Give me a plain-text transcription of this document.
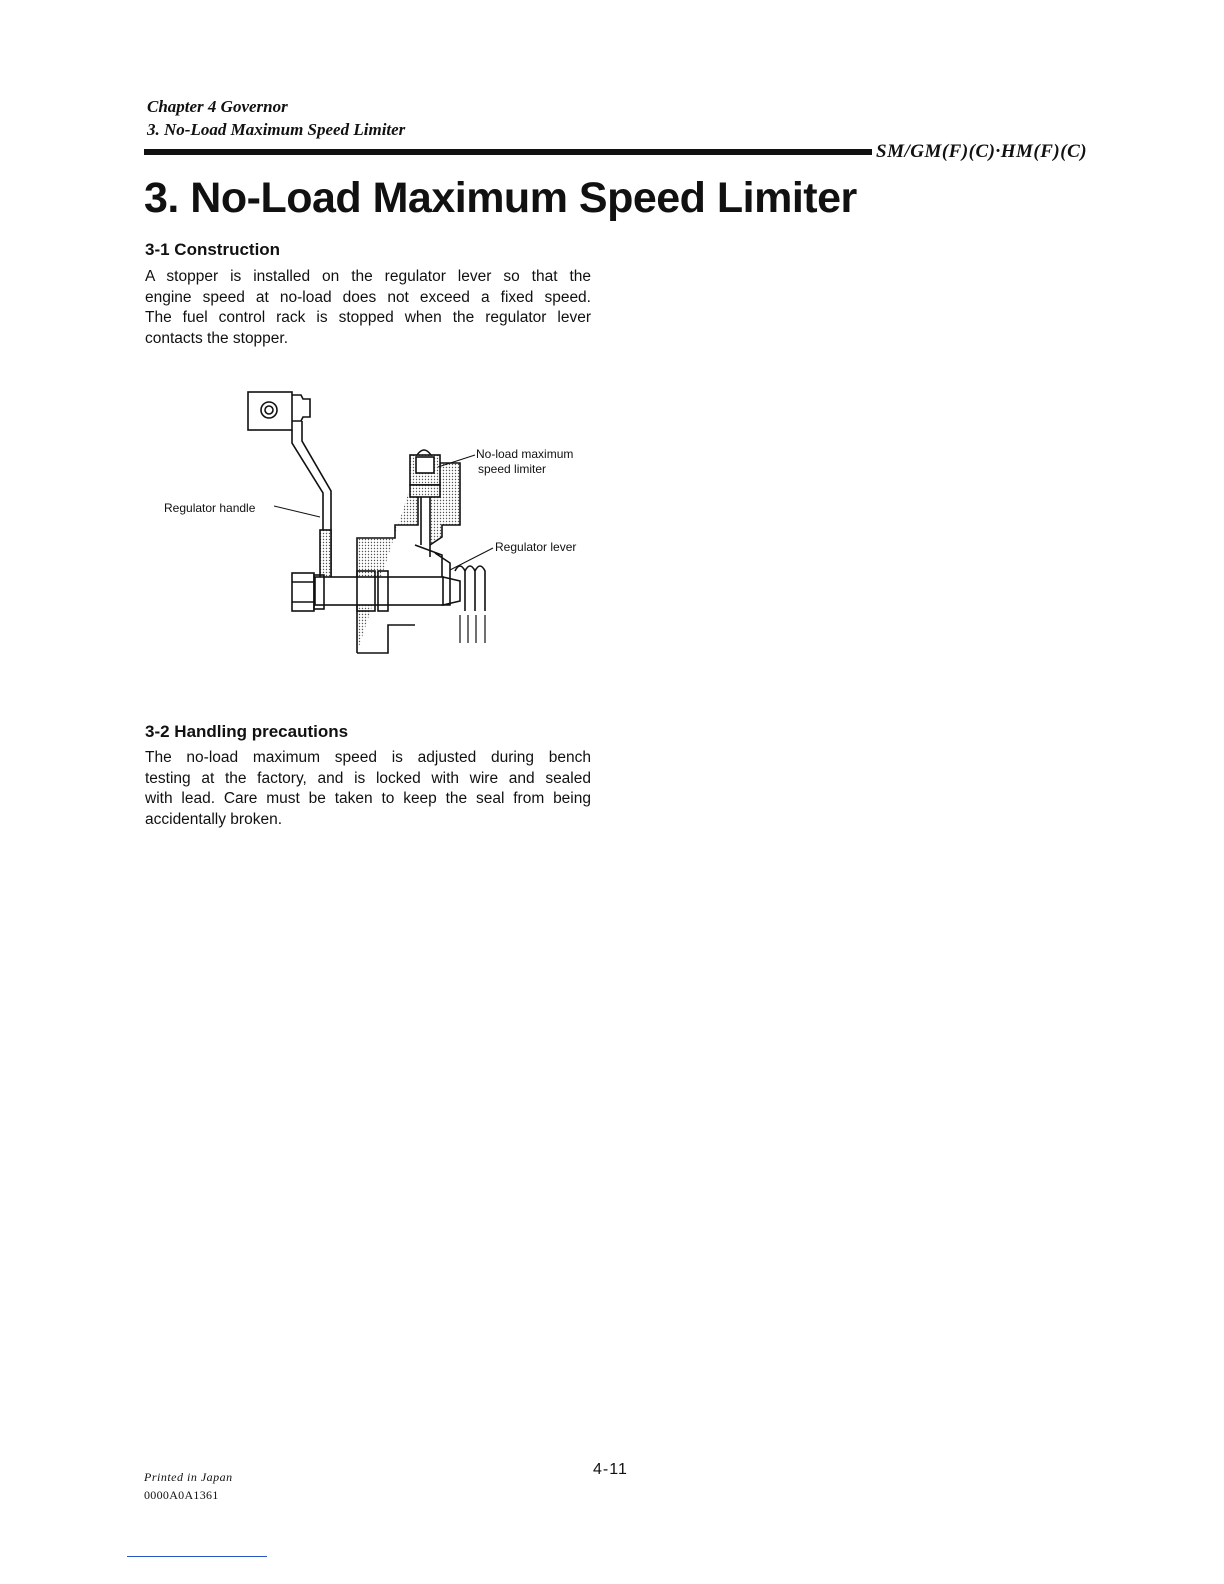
Chapter 4 Governor
3. No-Load Maximum Speed Limiter
SM/GM(F)(C)·HM(F)(C)
3. No-Load Maximum Speed Limiter
3-1 Construction

A stopper is installed on the regulator lever so that the
engine speed at no-load does not exceed a fixed speed.
The fuel control rack is stopped when the regulator lever
contacts the stopper.

No-load maximum
speed limiter
Regulator lever
Regulator handle
3-2 Handling precautions

The no-load maximum speed is adjusted during bench
testing at the factory, and is locked with wire and sealed
with lead. Care must be taken to keep the seal from being
accidentally broken.

Printed in Japan
0000A0A1361
4-11
